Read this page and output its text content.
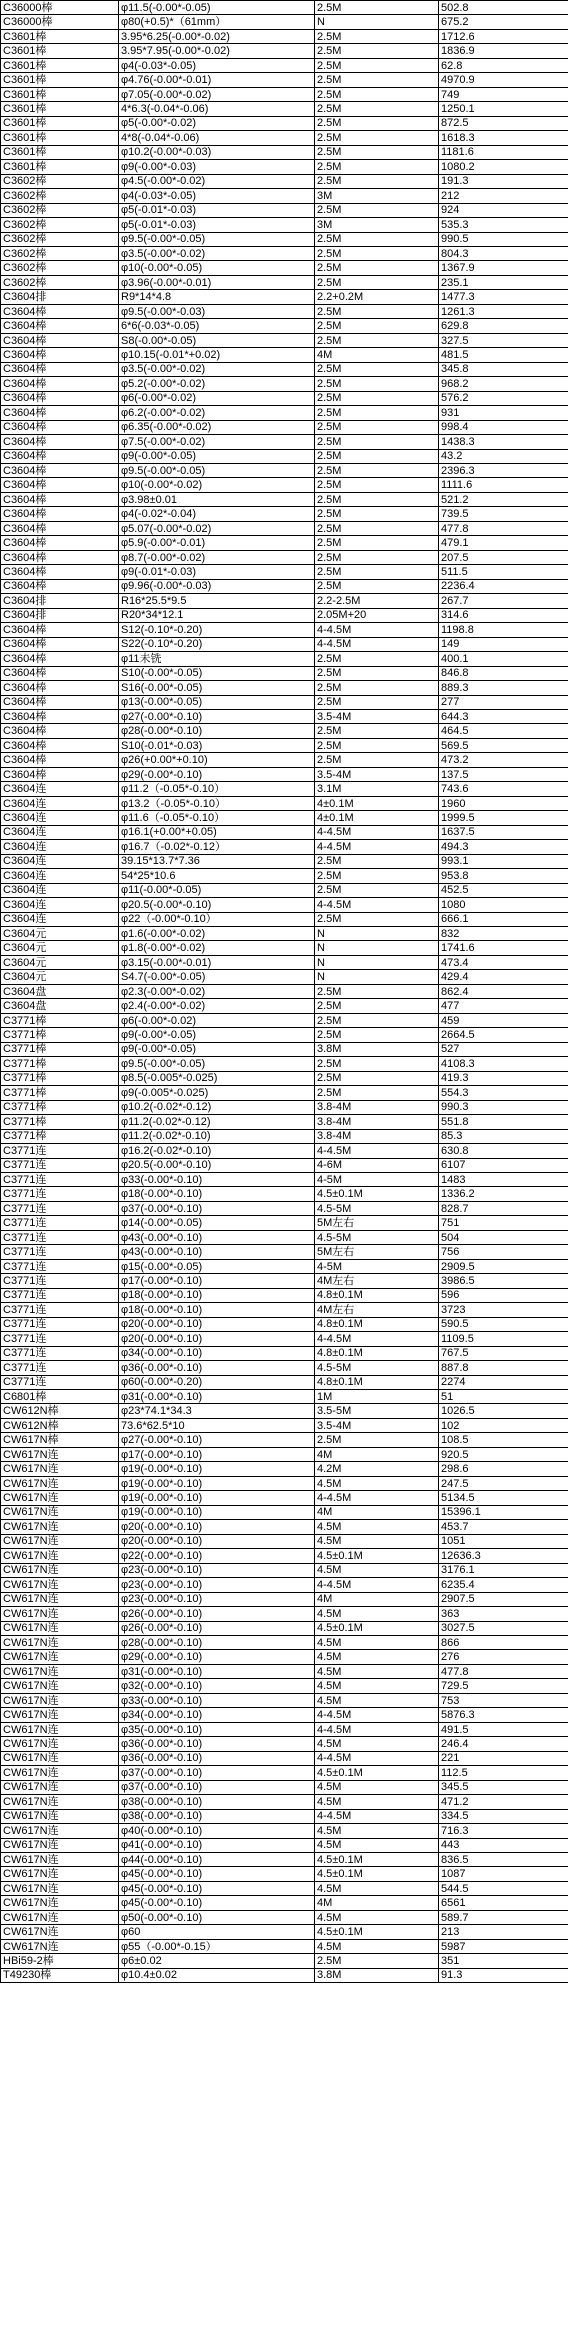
C36000棒	φ11.5(-0.00*-0.05)	2.5M	502.8
C36000棒	φ80(+0.5)*（61mm）	N	675.2
C3601棒	3.95*6.25(-0.00*-0.02)	2.5M	1712.6
C3601棒	3.95*7.95(-0.00*-0.02)	2.5M	1836.9
C3601棒	φ4(-0.03*-0.05)	2.5M	62.8
C3601棒	φ4.76(-0.00*-0.01)	2.5M	4970.9
C3601棒	φ7.05(-0.00*-0.02)	2.5M	749
C3601棒	4*6.3(-0.04*-0.06)	2.5M	1250.1
C3601棒	φ5(-0.00*-0.02)	2.5M	872.5
C3601棒	4*8(-0.04*-0.06)	2.5M	1618.3
C3601棒	φ10.2(-0.00*-0.03)	2.5M	1181.6
C3601棒	φ9(-0.00*-0.03)	2.5M	1080.2
C3602棒	φ4.5(-0.00*-0.02)	2.5M	191.3
C3602棒	φ4(-0.03*-0.05)	3M	212
C3602棒	φ5(-0.01*-0.03)	2.5M	924
C3602棒	φ5(-0.01*-0.03)	3M	535.3
C3602棒	φ9.5(-0.00*-0.05)	2.5M	990.5
C3602棒	φ3.5(-0.00*-0.02)	2.5M	804.3
C3602棒	φ10(-0.00*-0.05)	2.5M	1367.9
C3602棒	φ3.96(-0.00*-0.01)	2.5M	235.1
C3604排	R9*14*4.8	2.2+0.2M	1477.3
C3604棒	φ9.5(-0.00*-0.03)	2.5M	1261.3
C3604棒	6*6(-0.03*-0.05)	2.5M	629.8
C3604棒	S8(-0.00*-0.05)	2.5M	327.5
C3604棒	φ10.15(-0.01*+0.02)	4M	481.5
C3604棒	φ3.5(-0.00*-0.02)	2.5M	345.8
C3604棒	φ5.2(-0.00*-0.02)	2.5M	968.2
C3604棒	φ6(-0.00*-0.02)	2.5M	576.2
C3604棒	φ6.2(-0.00*-0.02)	2.5M	931
C3604棒	φ6.35(-0.00*-0.02)	2.5M	998.4
C3604棒	φ7.5(-0.00*-0.02)	2.5M	1438.3
C3604棒	φ9(-0.00*-0.05)	2.5M	43.2
C3604棒	φ9.5(-0.00*-0.05)	2.5M	2396.3
C3604棒	φ10(-0.00*-0.02)	2.5M	1111.6
C3604棒	φ3.98±0.01	2.5M	521.2
C3604棒	φ4(-0.02*-0.04)	2.5M	739.5
C3604棒	φ5.07(-0.00*-0.02)	2.5M	477.8
C3604棒	φ5.9(-0.00*-0.01)	2.5M	479.1
C3604棒	φ8.7(-0.00*-0.02)	2.5M	207.5
C3604棒	φ9(-0.01*-0.03)	2.5M	511.5
C3604棒	φ9.96(-0.00*-0.03)	2.5M	2236.4
C3604排	R16*25.5*9.5	2.2-2.5M	267.7
C3604排	R20*34*12.1	2.05M+20	314.6
C3604棒	S12(-0.10*-0.20)	4-4.5M	1198.8
C3604棒	S22(-0.10*-0.20)	4-4.5M	149
C3604棒	φ11未铣	2.5M	400.1
C3604棒	S10(-0.00*-0.05)	2.5M	846.8
C3604棒	S16(-0.00*-0.05)	2.5M	889.3
C3604棒	φ13(-0.00*-0.05)	2.5M	277
C3604棒	φ27(-0.00*-0.10)	3.5-4M	644.3
C3604棒	φ28(-0.00*-0.10)	2.5M	464.5
C3604棒	S10(-0.01*-0.03)	2.5M	569.5
C3604棒	φ26(+0.00*+0.10)	2.5M	473.2
C3604棒	φ29(-0.00*-0.10)	3.5-4M	137.5
C3604连	φ11.2（-0.05*-0.10）	3.1M	743.6
C3604连	φ13.2（-0.05*-0.10）	4±0.1M	1960
C3604连	φ11.6（-0.05*-0.10）	4±0.1M	1999.5
C3604连	φ16.1(+0.00*+0.05)	4-4.5M	1637.5
C3604连	φ16.7（-0.02*-0.12）	4-4.5M	494.3
C3604连	39.15*13.7*7.36	2.5M	993.1
C3604连	54*25*10.6	2.5M	953.8
C3604连	φ11(-0.00*-0.05)	2.5M	452.5
C3604连	φ20.5(-0.00*-0.10)	4-4.5M	1080
C3604连	φ22（-0.00*-0.10）	2.5M	666.1
C3604元	φ1.6(-0.00*-0.02)	N	832
C3604元	φ1.8(-0.00*-0.02)	N	1741.6
C3604元	φ3.15(-0.00*-0.01)	N	473.4
C3604元	S4.7(-0.00*-0.05)	N	429.4
C3604盘	φ2.3(-0.00*-0.02)	2.5M	862.4
C3604盘	φ2.4(-0.00*-0.02)	2.5M	477
C3771棒	φ6(-0.00*-0.02)	2.5M	459
C3771棒	φ9(-0.00*-0.05)	2.5M	2664.5
C3771棒	φ9(-0.00*-0.05)	3.8M	527
C3771棒	φ9.5(-0.00*-0.05)	2.5M	4108.3
C3771棒	φ8.5(-0.005*-0.025)	2.5M	419.3
C3771棒	φ9(-0.005*-0.025)	2.5M	554.3
C3771棒	φ10.2(-0.02*-0.12)	3.8-4M	990.3
C3771棒	φ11.2(-0.02*-0.12)	3.8-4M	551.8
C3771棒	φ11.2(-0.02*-0.10)	3.8-4M	85.3
C3771连	φ16.2(-0.02*-0.10)	4-4.5M	630.8
C3771连	φ20.5(-0.00*-0.10)	4-6M	6107
C3771连	φ33(-0.00*-0.10)	4-5M	1483
C3771连	φ18(-0.00*-0.10)	4.5±0.1M	1336.2
C3771连	φ37(-0.00*-0.10)	4.5-5M	828.7
C3771连	φ14(-0.00*-0.05)	5M左右	751
C3771连	φ43(-0.00*-0.10)	4.5-5M	504
C3771连	φ43(-0.00*-0.10)	5M左右	756
C3771连	φ15(-0.00*-0.05)	4-5M	2909.5
C3771连	φ17(-0.00*-0.10)	4M左右	3986.5
C3771连	φ18(-0.00*-0.10)	4.8±0.1M	596
C3771连	φ18(-0.00*-0.10)	4M左右	3723
C3771连	φ20(-0.00*-0.10)	4.8±0.1M	590.5
C3771连	φ20(-0.00*-0.10)	4-4.5M	1109.5
C3771连	φ34(-0.00*-0.10)	4.8±0.1M	767.5
C3771连	φ36(-0.00*-0.10)	4.5-5M	887.8
C3771连	φ60(-0.00*-0.20)	4.8±0.1M	2274
C6801棒	φ31(-0.00*-0.10)	1M	51
CW612N棒	φ23*74.1*34.3	3.5-5M	1026.5
CW612N棒	73.6*62.5*10	3.5-4M	102
CW617N棒	φ27(-0.00*-0.10)	2.5M	108.5
CW617N连	φ17(-0.00*-0.10)	4M	920.5
CW617N连	φ19(-0.00*-0.10)	4.2M	298.6
CW617N连	φ19(-0.00*-0.10)	4.5M	247.5
CW617N连	φ19(-0.00*-0.10)	4-4.5M	5134.5
CW617N连	φ19(-0.00*-0.10)	4M	15396.1
CW617N连	φ20(-0.00*-0.10)	4.5M	453.7
CW617N连	φ20(-0.00*-0.10)	4.5M	1051
CW617N连	φ22(-0.00*-0.10)	4.5±0.1M	12636.3
CW617N连	φ23(-0.00*-0.10)	4.5M	3176.1
CW617N连	φ23(-0.00*-0.10)	4-4.5M	6235.4
CW617N连	φ23(-0.00*-0.10)	4M	2907.5
CW617N连	φ26(-0.00*-0.10)	4.5M	363
CW617N连	φ26(-0.00*-0.10)	4.5±0.1M	3027.5
CW617N连	φ28(-0.00*-0.10)	4.5M	866
CW617N连	φ29(-0.00*-0.10)	4.5M	276
CW617N连	φ31(-0.00*-0.10)	4.5M	477.8
CW617N连	φ32(-0.00*-0.10)	4.5M	729.5
CW617N连	φ33(-0.00*-0.10)	4.5M	753
CW617N连	φ34(-0.00*-0.10)	4-4.5M	5876.3
CW617N连	φ35(-0.00*-0.10)	4-4.5M	491.5
CW617N连	φ36(-0.00*-0.10)	4.5M	246.4
CW617N连	φ36(-0.00*-0.10)	4-4.5M	221
CW617N连	φ37(-0.00*-0.10)	4.5±0.1M	112.5
CW617N连	φ37(-0.00*-0.10)	4.5M	345.5
CW617N连	φ38(-0.00*-0.10)	4.5M	471.2
CW617N连	φ38(-0.00*-0.10)	4-4.5M	334.5
CW617N连	φ40(-0.00*-0.10)	4.5M	716.3
CW617N连	φ41(-0.00*-0.10)	4.5M	443
CW617N连	φ44(-0.00*-0.10)	4.5±0.1M	836.5
CW617N连	φ45(-0.00*-0.10)	4.5±0.1M	1087
CW617N连	φ45(-0.00*-0.10)	4.5M	544.5
CW617N连	φ45(-0.00*-0.10)	4M	6561
CW617N连	φ50(-0.00*-0.10)	4.5M	589.7
CW617N连	φ60	4.5±0.1M	213
CW617N连	φ55（-0.00*-0.15）	4.5M	5987
HBi59-2棒	φ6±0.02	2.5M	351
T49230棒	φ10.4±0.02	3.8M	91.3
